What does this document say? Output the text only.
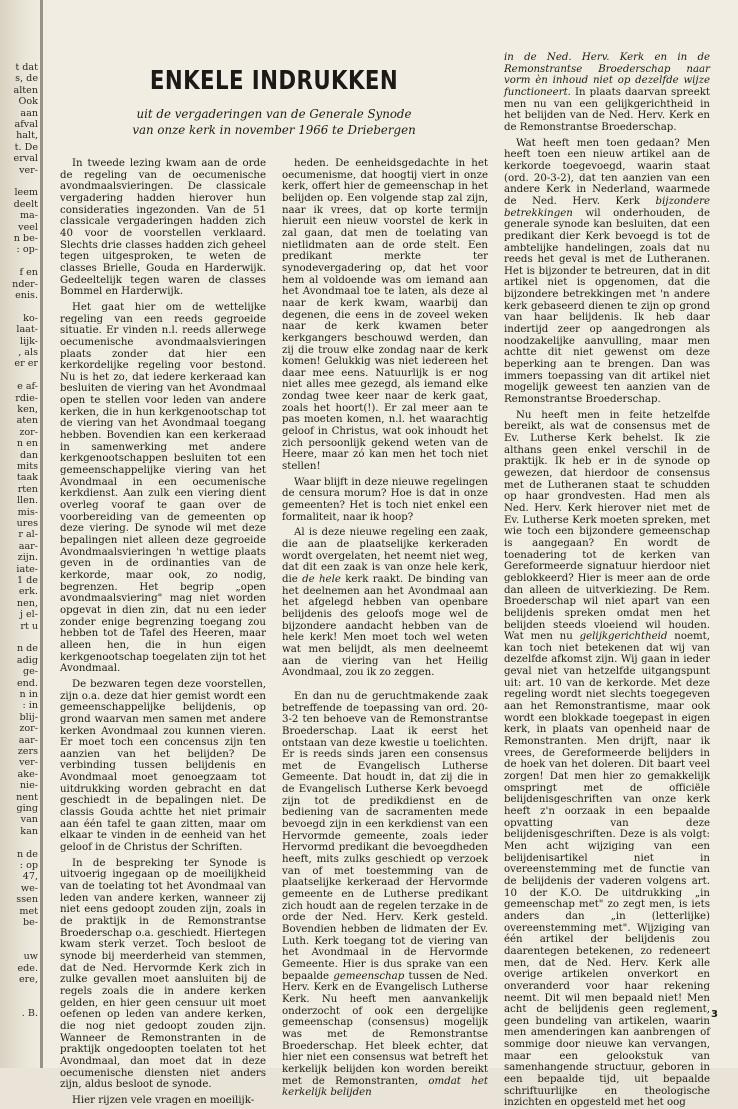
t dat
s, de
alten
Ook
aan
afval
halt,
t. De
erval
ver-
leem
deelt
ma-
veel
n be-
: op-
f en
nder-
enis.
ko-
laat-
lijk-
, als
er er
e af-
rdie-
ken,
aten
zor-
n en
dan
mits
taak
rten
llen.
mis-
ures
r al-
aar-
zijn.
iate-
1 de
erk.
nen,
j el-
rt u
n de
adig
ge-
end.
n in
: in
blij-
zor-
aar-
zers
ver-
ake-
nie-
nent
ging
van
kan
n de
: op
47,
we-
ssen
met
be-
uw
ede.
ere,
. B.
ENKELE INDRUKKEN
uit de vergaderingen van de Generale Synode
van onze kerk in november 1966 te Driebergen

In tweede lezing kwam aan de orde de regeling van de oecumenische avondmaalsvieringen. De classicale vergadering hadden hierover hun considerаties ingezonden. Van de 51 classicale vergaderingen hadden zich 40 voor de voorstellen verklaard. Slechts drie classes hadden zich geheel tegen uitgesproken, te weten de classes Brielle, Gouda en Harderwijk. Gedeeltelijk tegen waren de classes Bommel en Harderwijk.

Het gaat hier om de wettelijke regeling van een reeds gegroeide situatie. Er vinden n.l. reeds allerwege oecumenische avondmaalsvieringen plaats zonder dat hier een kerkordelijke regeling voor bestond. Nu is het zo, dat iedere kerkeraad kan besluiten de viering van het Avondmaal open te stellen voor leden van andere kerken, die in hun kerkgenootschap tot de viering van het Avondmaal toegang hebben. Bovendien kan een kerkeraad in samenwerking met andere kerkgenootschappen besluiten tot een gemeenschappelijke viering van het Avondmaal in een oecumenische kerkdienst. Aan zulk een viering dient overleg vooraf te gaan over de voorbereiding van de gemeenten op deze viering. De synode wil met deze bepalingen niet alleen deze gegroeide Avondmaalsvieringen 'n wettige plaats geven in de ordinanties van de kerkorde, maar ook, zo nodig, begrenzen. Het begrip „open avondmaalsviering" mag niet worden opgevat in dien zin, dat nu een ieder zonder enige begrenzing toegang zou hebben tot de Tafel des Heeren, maar alleen hen, die in hun eigen kerkgenootschap toegelaten zijn tot het Avondmaal.

De bezwaren tegen deze voorstellen, zijn o.a. deze dat hier gemist wordt een gemeenschappelijke belijdenis, op grond waarvan men samen met andere kerken Avondmaal zou kunnen vieren. Er moet toch een concensus zijn ten aanzien van het belijden? De verbinding tussen belijdenis en Avondmaal moet genoegzaam tot uitdrukking worden gebracht en dat geschiedt in de bepalingen niet. De classis Gouda achtte het niet primair aan één tafel te gaan zitten, maar om elkaar te vinden in de eenheid van het geloof in de Christus der Schriften.

In de bespreking ter Synode is uitvoerig ingegaan op de moeilijkheid van de toelating tot het Avondmaal van leden van andere kerken, wanneer zij niet eens gedoopt zouden zijn, zoals in de praktijk in de Remonstrantse Broederschap o.a. geschiedt. Hiertegen kwam sterk verzet. Toch besloot de synode bij meerderheid van stemmen, dat de Ned. Hervormde Kerk zich in zulke gevallen moet aansluiten bij de regels zoals die in andere kerken gelden, en hier geen censuur uit moet oefenen op leden van andere kerken, die nog niet gedoopt zouden zijn. Wanneer de Remonstranten in de praktijk ongedoopten toelaten tot het Avondmaal, dan moet dat in deze oecumenische diensten niet anders zijn, aldus besloot de synode.

Hier rijzen vele vragen en moeilijk-

heden. De eenheidsgedachte in het oecumenisme, dat hoogtij viert in onze kerk, offert hier de gemeenschap in het belijden op. Een volgende stap zal zijn, naar ik vrees, dat op korte termijn hieruit een nieuw voorstel de kerk in zal gaan, dat men de toelating van nietlidmaten aan de orde stelt. Een predikant merkte ter synodevergadering op, dat het voor hem al voldoende was om iemand aan het Avondmaal toe te laten, als deze al naar de kerk kwam, waarbij dan degenen, die eens in de zoveel weken naar de kerk kwamen beter kerkgangers beschouwd werden, dan zij die trouw elke zondag naar de kerk komen! Gelukkig was niet iedereen het daar mee eens. Natuurlijk is er nog niet alles mee gezegd, als iemand elke zondag twee keer naar de kerk gaat, zoals het hoort(!). Er zal meer aan te pas moeten komen, n.l. het waarachtig geloof in Christus, wat ook inhoudt het zich persoonlijk gekend weten van de Heere, maar zó kan men het toch niet stellen!

Waar blijft in deze nieuwe regelingen de censura morum? Hoe is dat in onze gemeenten? Het is toch niet enkel een formaliteit, naar ik hoop?

Al is deze nieuwe regeling een zaak, die aan de plaatselijke kerkeraden wordt overgelaten, het neemt niet weg, dat dit een zaak is van onze hele kerk, die de hele kerk raakt. De binding van het deelnemen aan het Avondmaal aan het afgelegd hebben van openbare belijdenis des geloofs moge wel de bijzondere aandacht hebben van de hele kerk! Men moet toch wel weten wat men belijdt, als men deelneemt aan de viering van het Heilig Avondmaal, zou ik zo zeggen.

En dan nu de geruchtmakende zaak betreffende de toepassing van ord. 20-3-2 ten behoeve van de Remonstrantse Broederschap. Laat ik eerst het ontstaan van deze kwestie u toelichten. Er is reeds sinds jaren een consensus met de Evangelisch Lutherse Gemeente. Dat houdt in, dat zij die in de Evangelisch Lutherse Kerk bevoegd zijn tot de predikdienst en de bediening van de sacramenten mede bevoegd zijn in een kerkdienst van een Hervormde gemeente, zoals ieder Hervormd predikant die bevoegdheden heeft, mits zulks geschiedt op verzoek van of met toestemming van de plaatselijke kerkeraad der Hervormde gemeente en de Lutherse predikant zich houdt aan de regelen terzake in de orde der Ned. Herv. Kerk gesteld. Bovendien hebben de lidmaten der Ev. Luth. Kerk toegang tot de viering van het Avondmaal in de Hervormde Gemeente. Hier is dus sprake van een bepaalde gemeenschap tussen de Ned. Herv. Kerk en de Evangelisch Lutherse Kerk. Nu heeft men aanvankelijk onderzocht of ook een dergelijke gemeenschap (consensus) mogelijk was met de Remonstrantse Broederschap. Het bleek echter, dat hier niet een consensus wat betreft het kerkelijk belijden kon worden bereikt met de Remonstranten, omdat het kerkelijk belijden

in de Ned. Herv. Kerk en in de Remonstrantse Broederschap naar vorm èn inhoud niet op dezelfde wijze functioneert. In plaats daarvan spreekt men nu van een gelijkgerichtheid in het belijden van de Ned. Herv. Kerk en de Remonstrantse Broederschap.

Wat heeft men toen gedaan? Men heeft toen een nieuw artikel aan de kerkorde toegevoegd, waarin staat (ord. 20-3-2), dat ten aanzien van een andere Kerk in Nederland, waarmede de Ned. Herv. Kerk bijzondere betrekkingen wil onderhouden, de generale synode kan besluiten, dat een predikant dier Kerk bevoegd is tot de ambtelijke handelingen, zoals dat nu reeds het geval is met de Lutheranen. Het is bijzonder te betreuren, dat in dit artikel niet is opgenomen, dat die bijzondere betrekkingen met 'n andere kerk gebaseerd dienen te zijn op grond van haar belijdenis. Ik heb daar indertijd zeer op aangedrongen als noodzakelijke aanvulling, maar men achtte dit niet gewenst om deze beperking aan te brengen. Dan was immers toepassing van dit artikel niet mogelijk geweest ten aanzien van de Remonstrantse Broederschap.

Nu heeft men in feite hetzelfde bereikt, als wat de consensus met de Ev. Lutherse Kerk behelst. Ik zie althans geen enkel verschil in de praktijk. Ik heb er in de synode op gewezen, dat hierdoor de consensus met de Lutheranen staat te schudden op haar grondvesten. Had men als Ned. Herv. Kerk hierover niet met de Ev. Lutherse Kerk moeten spreken, met wie toch een bijzondere gemeenschap is aangegaan? En wordt de toenadering tot de kerken van Gereformeerde signatuur hierdoor niet geblokkeerd? Hier is meer aan de orde dan alleen de uitverkiezing. De Rem. Broederschap wil niet apart van een belijdenis spreken omdat men het belijden steeds vloeiend wil houden. Wat men nu gelijkgerichtheid noemt, kan toch niet betekenen dat wij van dezelfde afkomst zijn. Wij gaan in ieder geval niet van hetzelfde uitgangspunt uit: art. 10 van de kerkorde. Met deze regeling wordt niet slechts toegegeven aan het Remonstrantisme, maar ook wordt een blokkade toegepast in eigen kerk, in plaats van openheid naar de Remonstranten. Men drijft, naar ik vrees, de Gereformeerde belijders in de hoek van het doleren. Dit baart veel zorgen! Dat men hier zo gemakkelijk omspringt met de officiële belijdenisgeschriften van onze kerk heeft z'n oorzaak in een bepaalde opvatting van deze belijdenisgeschriften. Deze is als volgt: Men acht wijziging van een belijdenisartikel niet in overeenstemming met de functie van de belijdenis der vaderen volgens art. 10 der K.O. De uitdrukking „in gemeenschap met" zo zegt men, is iets anders dan „in (letterlijke) overeenstemming met". Wijziging van één artikel der belijdenis zou daarentegen betekenen, zo redeneert men, dat de Ned. Herv. Kerk alle overige artikelen onverkort en onveranderd voor haar rekening neemt. Dit wil men bepaald niet! Men acht de belijdenis geen reglement, geen bundeling van artikelen, waarin men amenderingen kan aanbrengen of sommige door nieuwe kan vervangen, maar een gelookstuk van samenhangende structuur, geboren in een bepaalde tijd, uit bepaalde schriftuurlijke en theologische inzichten en opgesteld met het oog

3
